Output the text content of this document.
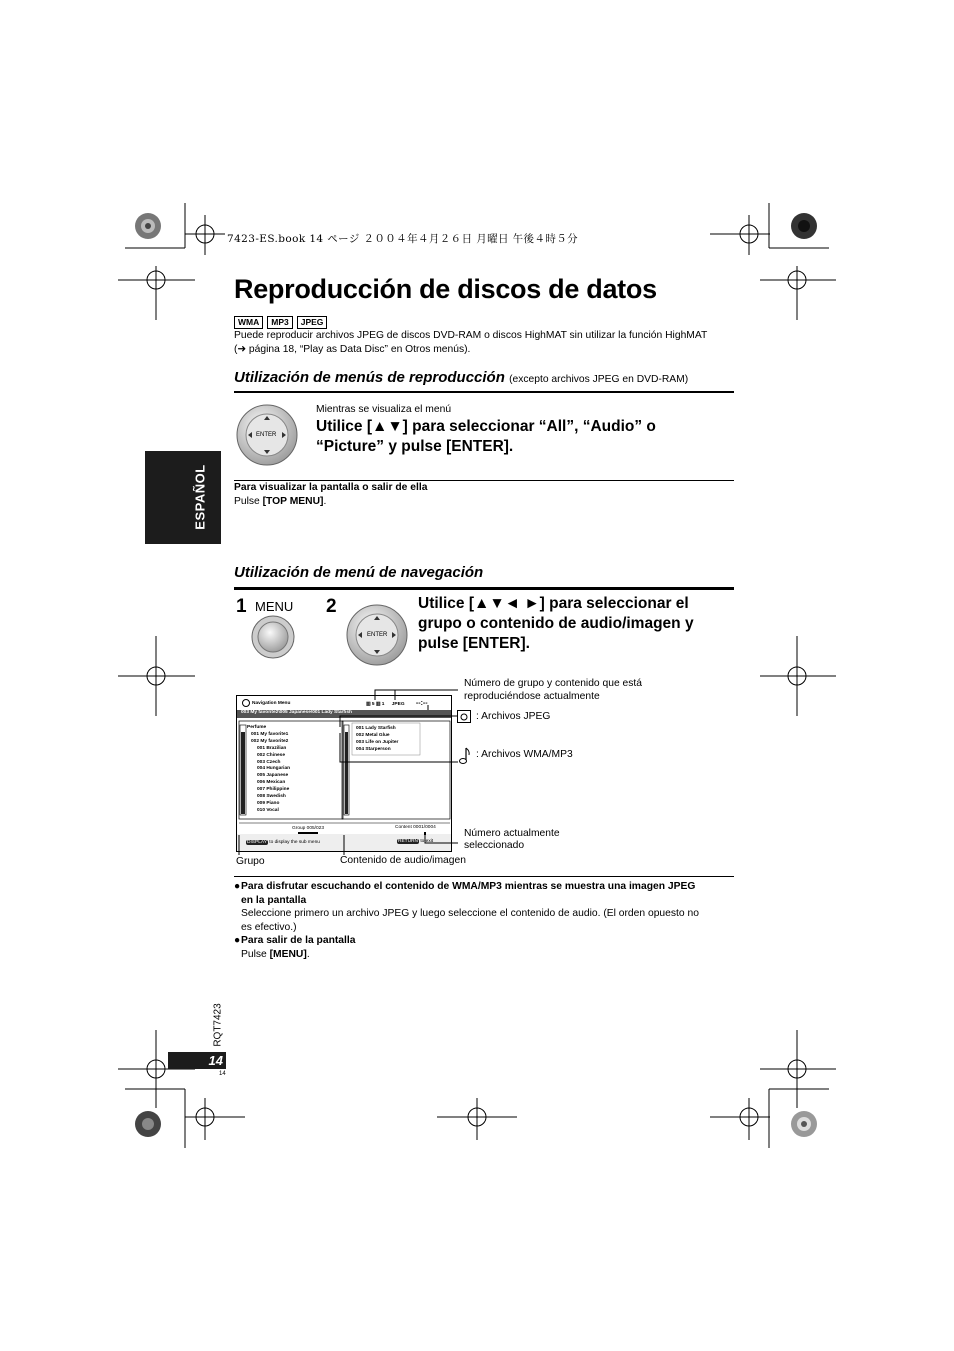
7423-ES.book 14 ページ ２００４年４月２６日 月曜日 午後４時５分
Reproducción de discos de datos
WMA	MP3	JPEG
Puede reproducir archivos JPEG de discos DVD-RAM o discos HighMAT sin utilizar la función HighMAT
(➜ página 18, “Play as Data Disc” en Otros menús).
Utilización de menús de reproducción (excepto archivos JPEG en DVD-RAM)
ENTER
Mientras se visualiza el menú
Utilice [▲▼] para seleccionar “All”, “Audio” o
“Picture” y pulse [ENTER].
Para visualizar la pantalla o salir de ella
Pulse [TOP MENU].
ESPAÑOL
Utilización de menú de navegación
1 MENU 2
ENTER
Utilice [▲▼◄ ►] para seleccionar el
grupo o contenido de audio/imagen y
pulse [ENTER].
Navigation Menu	▥ 5 ▥ 1 JPEG --:--
003 My favorite2\005 Japanese\001 Lady Starfish
Perfume
001 My favorite1
002 My favorite2
001 Brazilian
002 Chinese
003 Czech
004 Hungarian
005 Japanese
006 Mexican
007 Philippine
008 Swedish
009 Piano
010 Vocal
001 Lady Starfish
002 Metal Glue
003 Life on Jupiter
004 Starperson
Group 005/023	Content 0001/0004
DISPLAY to display the sub menu	RETURN to exit
Número de grupo y contenido que está
reproduciéndose actualmente
: Archivos JPEG
: Archivos WMA/MP3
Número actualmente
seleccionado
Grupo	Contenido de audio/imagen
● Para disfrutar escuchando el contenido de WMA/MP3 mientras se muestra una imagen JPEG
en la pantalla
Seleccione primero un archivo JPEG y luego seleccione el contenido de audio. (El orden opuesto no
es efectivo.)
● Para salir de la pantalla
Pulse [MENU].
RQT7423
14
14
